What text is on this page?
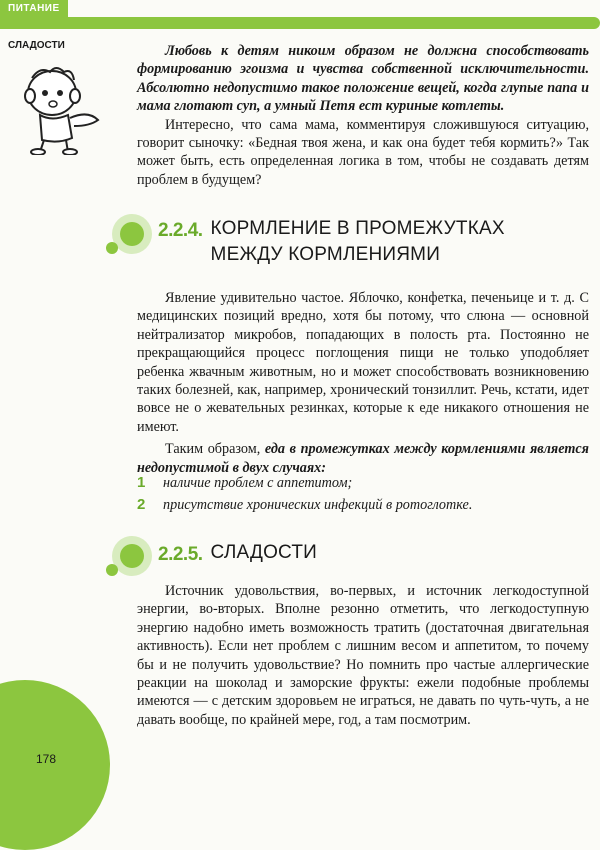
ПИТАНИЕ
СЛАДОСТИ	Любовь к детям никоим образом не должна способствовать формированию эгоизма и чувства собственной исключительности. Абсолютно недопустимо такое положение вещей, когда глупые папа и мама глотают суп, а умный Петя ест куриные котлеты.

Интересно, что сама мама, комментируя сложившуюся ситуацию, говорит сыночку: «Бедная твоя жена, и как она будет тебя кормить?» Так может быть, есть определенная логика в том, чтобы не создавать детям проблем в будущем?

2.2.4. КОРМЛЕНИЕ В ПРОМЕЖУТКАХ МЕЖДУ КОРМЛЕНИЯМИ

Явление удивительно частое. Яблочко, конфетка, печеньице и т. д. С медицинских позиций вредно, хотя бы потому, что слюна — основной нейтрализатор микробов, попадающих в полость рта. Постоянно не прекращающийся процесс поглощения пищи не только уподобляет ребенка жвачным животным, но и может способствовать возникновению таких болезней, как, например, хронический тонзиллит. Речь, кстати, идет вовсе не о жевательных резинках, которые к еде никакого отношения не имеют.

Таким образом, еда в промежутках между кормлениями является недопустимой в двух случаях:

1	наличие проблем с аппетитом;
2	присутствие хронических инфекций в ротоглотке.
2.2.5. СЛАДОСТИ

Источник удовольствия, во-первых, и источник легкодоступной энергии, во-вторых. Вполне резонно отметить, что легкодоступную энергию надобно иметь возможность тратить (достаточная двигательная активность). Если нет проблем с лишним весом и аппетитом, то почему бы и не получить удовольствие? Но помнить про частые аллергические реакции на шоколад и заморские фрукты: ежели подобные проблемы имеются — с детским здоровьем не играться, не давать по чуть-чуть, а не давать вообще, по крайней мере, год, а там посмотрим.

178
